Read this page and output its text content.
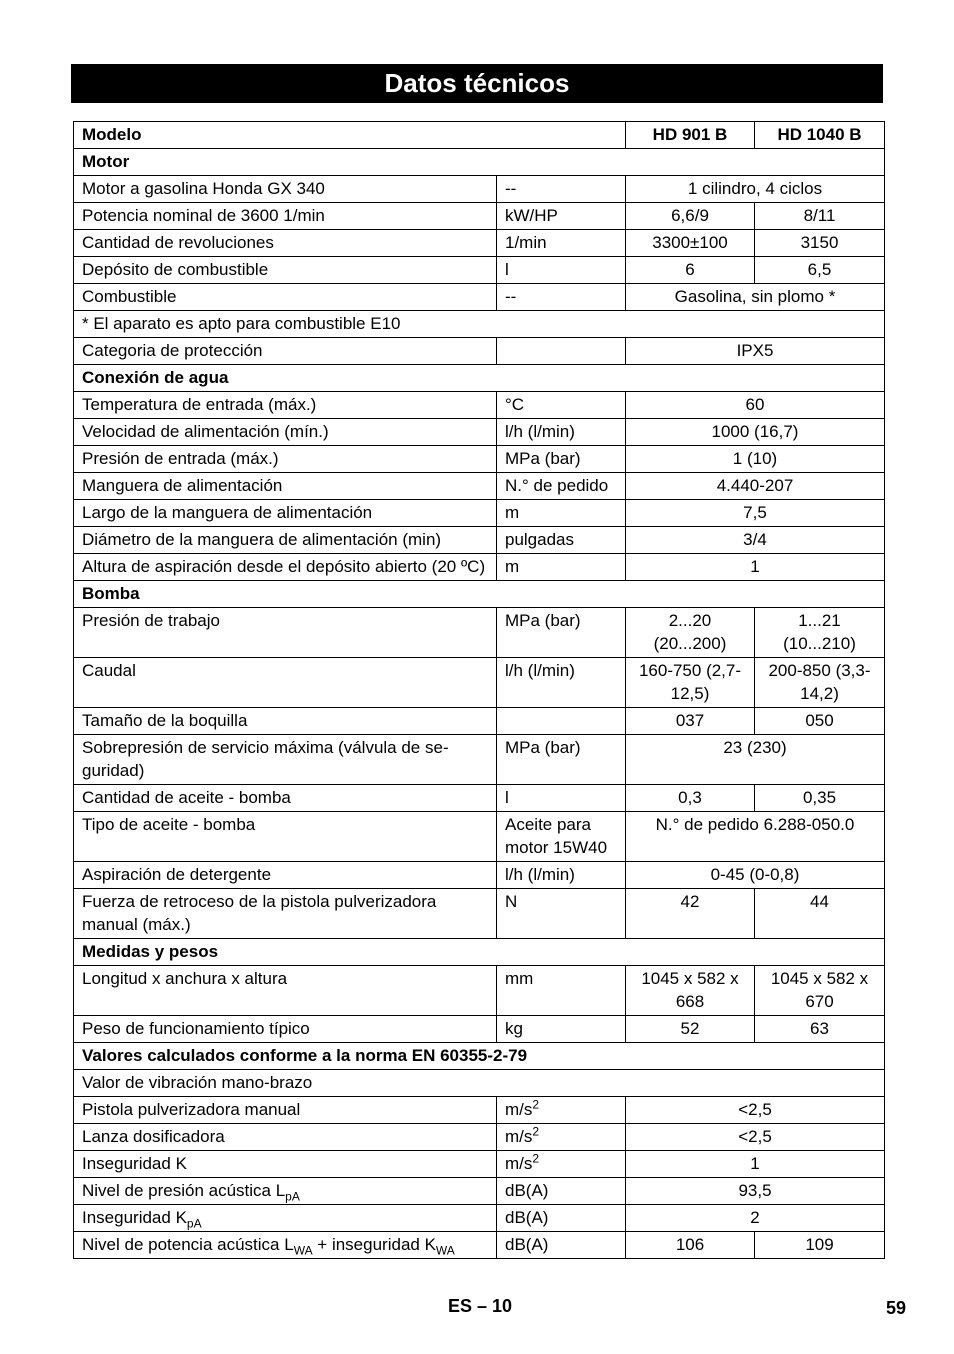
Datos técnicos
Modelo		HD 901 B	HD 1040 B
Motor			
Motor a gasolina Honda GX 340	--	1 cilindro, 4 ciclos	
Potencia nominal de 3600 1/min	kW/HP	6,6/9	8/11
Cantidad de revoluciones	1/min	3300±100	3150
Depósito de combustible	l	6	6,5
Combustible	--	Gasolina, sin plomo *	
* El aparato es apto para combustible E10			
Categoria de protección		IPX5	
Conexión de agua			
Temperatura de entrada (máx.)	°C	60	
Velocidad de alimentación (mín.)	l/h (l/min)	1000 (16,7)	
Presión de entrada (máx.)	MPa (bar)	1 (10)	
Manguera de alimentación	N.° de pedido	4.440-207	
Largo de la manguera de alimentación	m	7,5	
Diámetro de la manguera de alimentación (min)	pulgadas	3/4	
Altura de aspiración desde el depósito abierto (20 ºC)	m	1	
Bomba			
Presión de trabajo	MPa (bar)	2...20 (20...200)	1...21 (10...210)
Caudal	l/h (l/min)	160-750 (2,7-12,5)	200-850 (3,3-14,2)
Tamaño de la boquilla		037	050
Sobrepresión de servicio máxima (válvula de se-guridad)	MPa (bar)	23 (230)	
Cantidad de aceite - bomba	l	0,3	0,35
Tipo de aceite - bomba	Aceite para motor 15W40	N.° de pedido 6.288-050.0	
Aspiración de detergente	l/h (l/min)	0-45 (0-0,8)	
Fuerza de retroceso de la pistola pulverizadora manual (máx.)	N	42	44
Medidas y pesos			
Longitud x anchura x altura	mm	1045 x 582 x 668	1045 x 582 x 670
Peso de funcionamiento típico	kg	52	63
Valores calculados conforme a la norma EN 60355-2-79			
Valor de vibración mano-brazo			
Pistola pulverizadora manual	$m/s^2$	<2,5	
Lanza dosificadora	$m/s^2$	<2,5	
Inseguridad K	$m/s^2$	1	
Nivel de presión acústica $L_{pA}$	dB(A)	93,5	
Inseguridad $K_{pA}$	dB(A)	2	
Nivel de potencia acústica $L_{WA}$ + inseguridad $K_{WA}$	dB(A)	106	109
ES – 10	59
